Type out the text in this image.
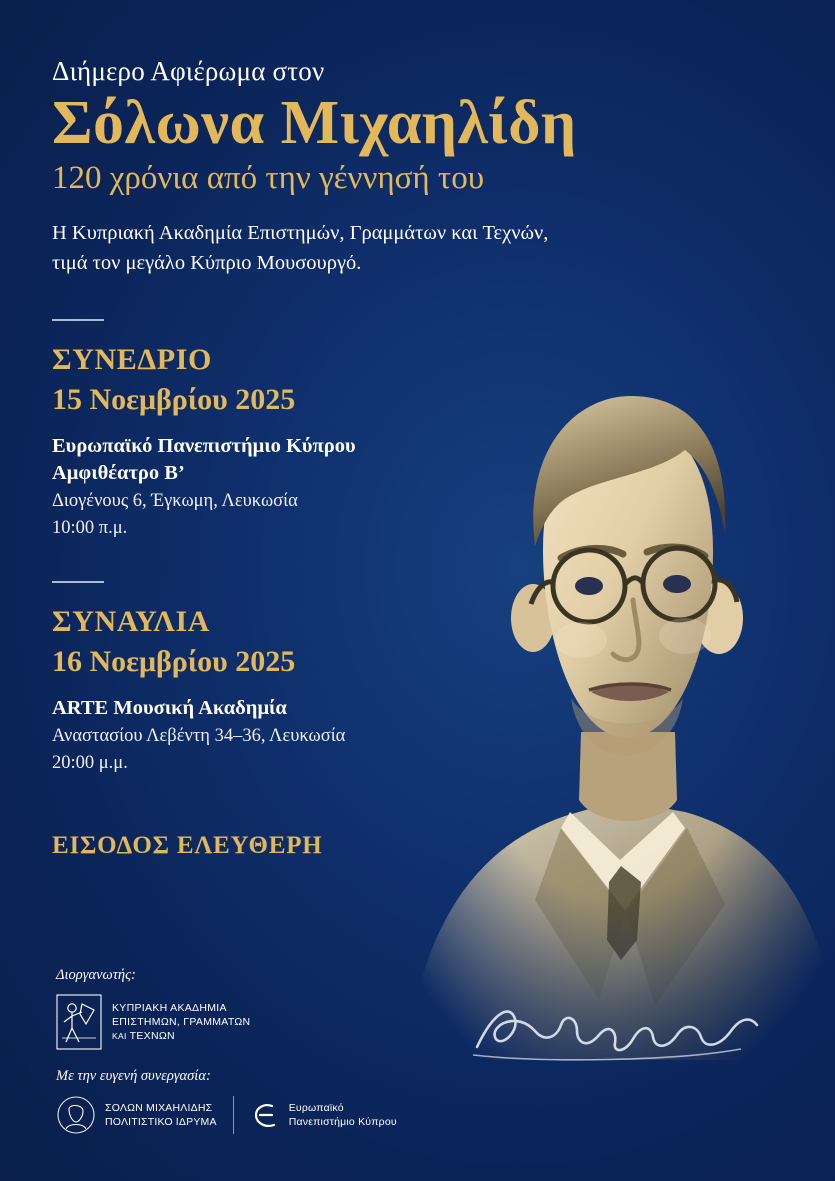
Διήμερο Αφιέρωμα στον

Σόλωνα Μιχαηλίδη

120 χρόνια από την γέννησή του

Η Κυπριακή Ακαδημία Επιστημών, Γραμμάτων και Τεχνών,

τιμά τον μεγάλο Κύπριο Μουσουργό.

ΣΥΝΕΔΡΙΟ

15 Νοεμβρίου 2025

Ευρωπαϊκό Πανεπιστήμιο Κύπρου

Αμφιθέατρο Β’

Διογένους 6, Έγκωμη, Λευκωσία

10:00 π.μ.

ΣΥΝΑΥΛΙΑ

16 Νοεμβρίου 2025

ARTE Μουσική Ακαδημία

Αναστασίου Λεβέντη 34–36, Λευκωσία

20:00 μ.μ.

ΕΙΣΟΔΟΣ ΕΛΕΥΘΕΡΗ

Διοργανωτής:

ΚΥΠΡΙΑΚΗ ΑΚΑΔΗΜΙΑ
ΕΠΙΣΤΗΜΩΝ, ΓΡΑΜΜΑΤΩΝ
ΚΑΙ ΤΕΧΝΩΝ

Με την ευγενή συνεργασία:

ΣΟΛΩΝ ΜΙΧΑΗΛΙΔΗΣ
ΠΟΛΙΤΙΣΤΙΚΟ ΙΔΡΥΜΑ
Ευρωπαϊκό
Πανεπιστήμιο Κύπρου
